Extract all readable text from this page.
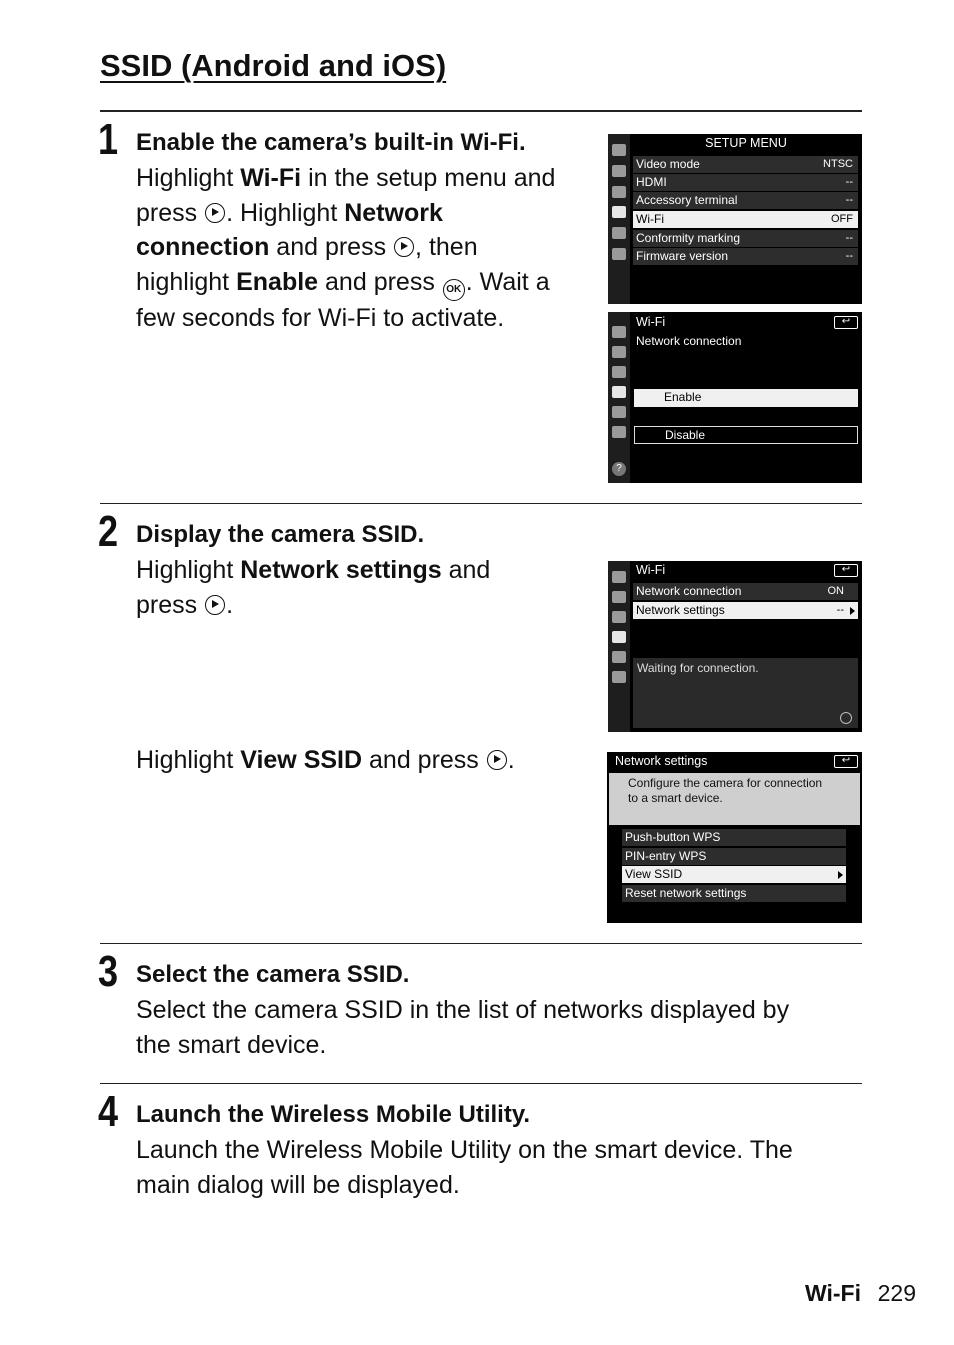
SSID (Android and iOS)
1 Enable the camera’s built-in Wi-Fi.
Highlight Wi-Fi in the setup menu and
press . Highlight Network
connection and press , then
highlight Enable and press OK . Wait a
few seconds for Wi-Fi to activate.
SETUP MENU
Video mode	NTSC
HDMI	--
Accessory terminal	--
Wi-Fi	OFF
Conformity marking	--
Firmware version	--
?
Wi-Fi	↩
Network connection
Enable
Disable
2 Display the camera SSID.
Highlight Network settings and
press .
Wi-Fi	↩
Network connection	ON
Network settings	--
Waiting for connection.
Highlight View SSID and press .	Network settings	↩
Configure the camera for connection
to a smart device.
Push-button WPS
PIN-entry WPS
View SSID
Reset network settings
3 Select the camera SSID.
Select the camera SSID in the list of networks displayed by
the smart device.
4 Launch the Wireless Mobile Utility.
Launch the Wireless Mobile Utility on the smart device. The
main dialog will be displayed.
Wi-Fi 229
